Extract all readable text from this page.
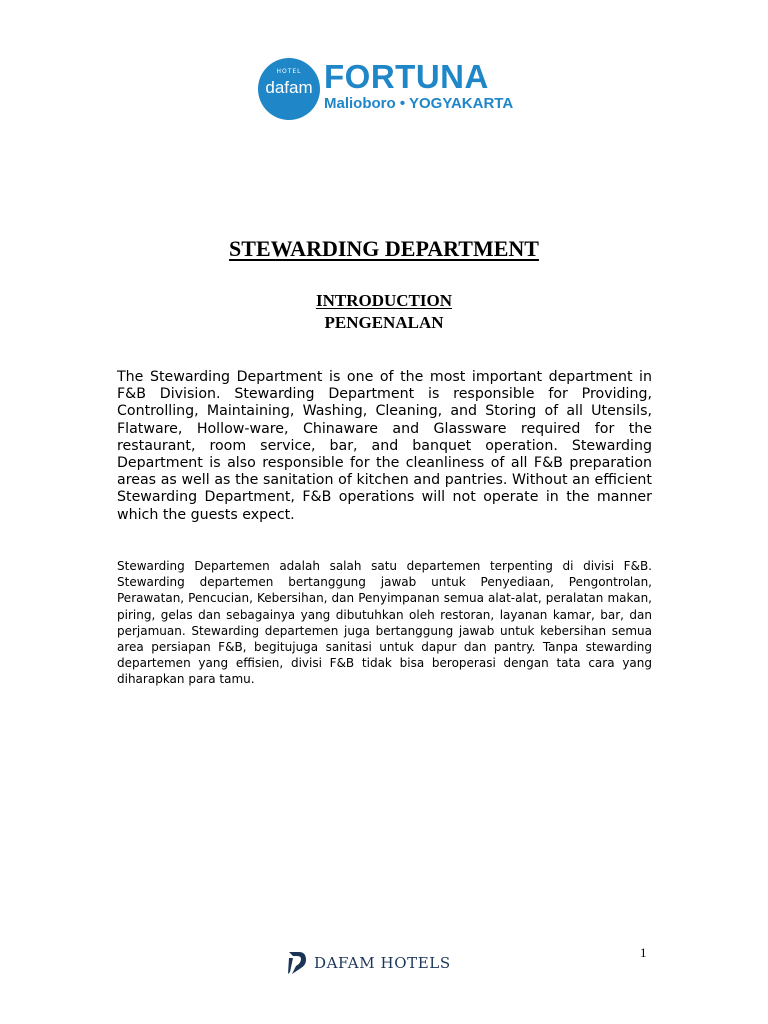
HOTEL
dafam FORTUNA
Malioboro • YOGYAKARTA
STEWARDING DEPARTMENT
INTRODUCTION
PENGENALAN

The Stewarding Department is one of the most important department in F&B Division. Stewarding Department is responsible for Providing, Controlling, Maintaining, Washing, Cleaning, and Storing of all Utensils, Flatware, Hollow-ware, Chinaware and Glassware required for the restaurant, room service, bar, and banquet operation. Stewarding Department is also responsible for the cleanliness of all F&B preparation areas as well as the sanitation of kitchen and pantries. Without an efficient Stewarding Department, F&B operations will not operate in the manner which the guests expect.

Stewarding Departemen adalah salah satu departemen terpenting di divisi F&B. Stewarding departemen bertanggung jawab untuk Penyediaan, Pengontrolan, Perawatan, Pencucian, Kebersihan, dan Penyimpanan semua alat-alat, peralatan makan, piring, gelas dan sebagainya yang dibutuhkan oleh restoran, layanan kamar, bar, dan perjamuan. Stewarding departemen juga bertanggung jawab untuk kebersihan semua area persiapan F&B, begitujuga sanitasi untuk dapur dan pantry. Tanpa stewarding departemen yang effisien, divisi F&B tidak bisa beroperasi dengan tata cara yang diharapkan para tamu.

1
DAFAM HOTELS
